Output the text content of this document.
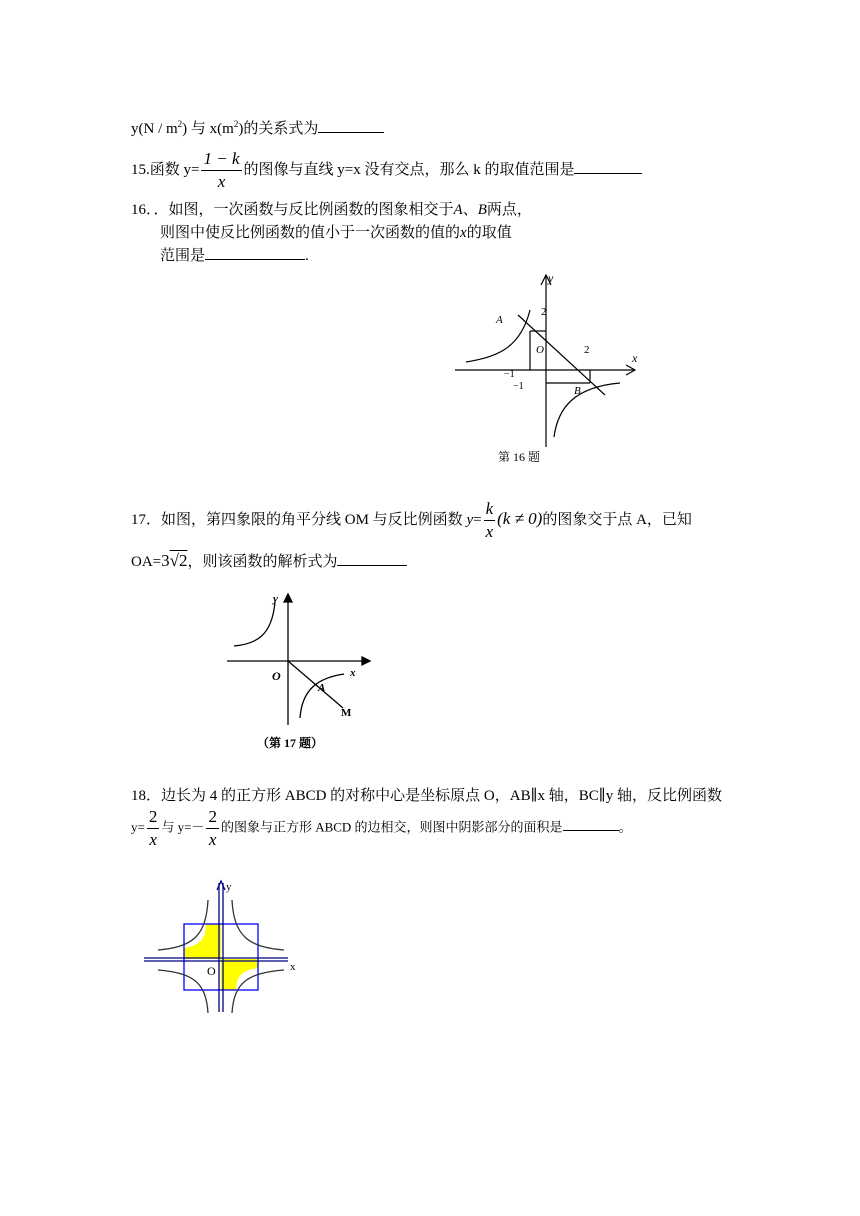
$y(N / m^2)$ 与 $x(m^2)$的关系式为
15.函数 $y= \frac{1 - k}{x}$ 的图像与直线 y=x 没有交点，那么 k 的取值范围是
16．．如图，一次函数与反比例函数的图象相交于A、B两点，
则图中使反比例函数的值小于一次函数的值的x的取值
范围是	.
y
x
O
A
B
2
2
−1
−1
第 16 题
17．如图，第四象限的角平分线 OM 与反比例函数 $y= \frac{k}{x} (k \ne 0)$的图象交于点 A，已知
OA=3√2，则该函数的解析式为
y
x
O
A
M
（第 17 题）
18．边长为 4 的正方形 ABCD 的对称中心是坐标原点 O，AB∥x 轴，BC∥y 轴，反比例函数
$y= \frac{2}{x}$ 与 $y=- \frac{2}{x}$ 的图象与正方形 ABCD 的边相交，则图中阴影部分的面积是	。
y
x
O
